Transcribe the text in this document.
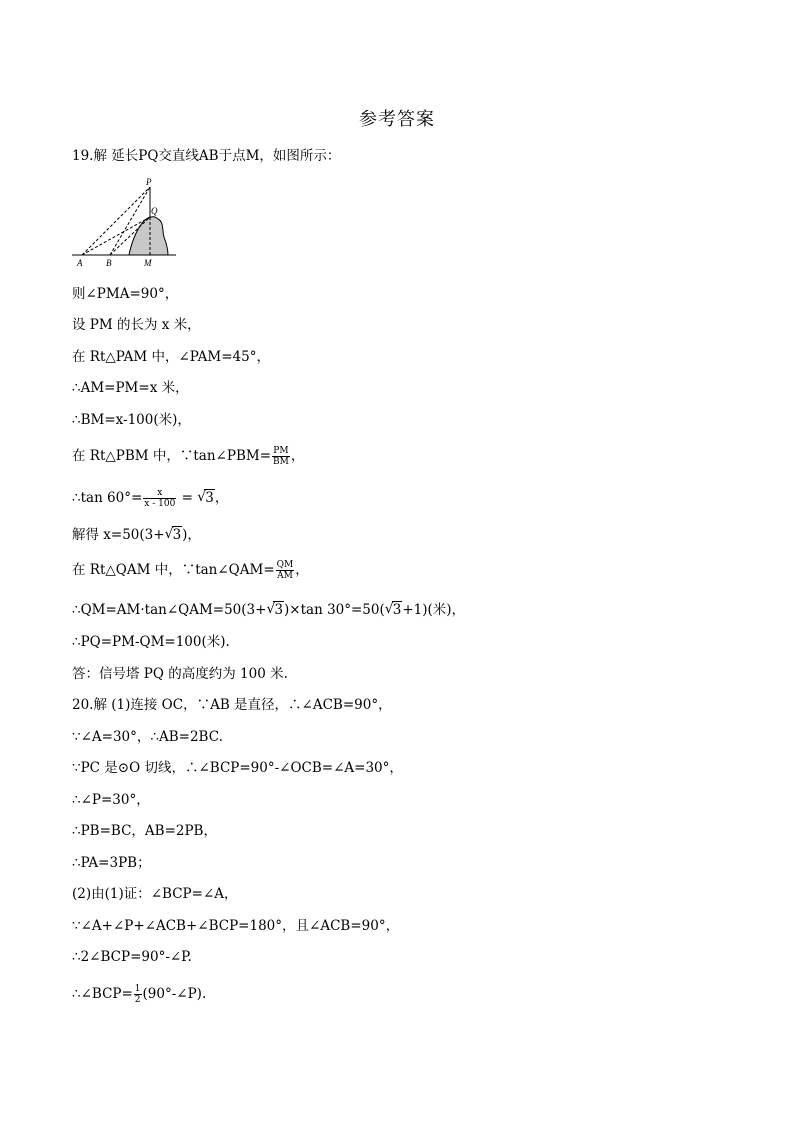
参考答案
19.解 延长PQ交直线AB于点M，如图所示：
P
Q
A	B	M
则∠PMA=90°，
设 PM 的长为 x 米，
在 Rt△PAM 中，∠PAM=45°，
∴AM=PM=x 米，
∴BM=x-100(米)，
在 Rt△PBM 中，∵tan∠PBM= $\frac{PM}{BM}$ ，
∴tan $60^\circ= \frac{x}{x - 100}$ = √ 3，
解得 x=50(3+ √ 3)，
在 Rt△QAM 中，∵tan∠QAM= $\frac{QM}{AM}$ ，
∴QM=AM·tan∠QAM=50(3+ √ 3)×tan 30°=50( √ 3+1)(米)，
∴PQ=PM-QM=100(米).
答：信号塔 PQ 的高度约为 100 米.
20.解 (1)连接 OC，∵AB 是直径，∴∠ACB=90°，
∵∠A=30°，∴AB=2BC.
∵PC 是⊙O 切线，∴∠BCP=90°-∠OCB=∠A=30°，
∴∠P=30°，
∴PB=BC，AB=2PB，
∴PA=3PB；
(2)由(1)证：∠BCP=∠A，
∵∠A+∠P+∠ACB+∠BCP=180°，且∠ACB=90°，
∴2∠BCP=90°-∠P.
∴∠BCP= $\frac{1}{2}$ (90°-∠P).
